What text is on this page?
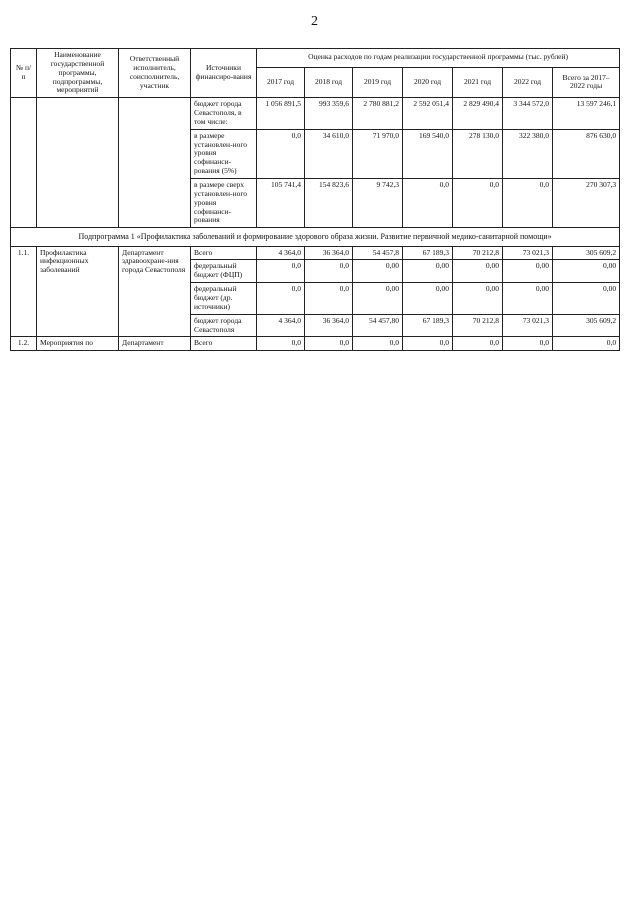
2
№ п/п	Наименование государственной программы, подпрограммы, мероприятий	Ответственный исполнитель, соисполнитель, участник	Источники финансиро-вания	Оценка расходов по годам реализации государственной программы (тыс. рублей)						
				2017 год	2018 год	2019 год	2020 год	2021 год	2022 год	Всего за 2017–2022 годы
			бюджет города Севастополя, в том числе:	1 056 891,5	993 359,6	2 780 881,2	2 592 051,4	2 829 490,4	3 344 572,0	13 597 246,1
			в размере установлен-ного уровня софинанси-рования (5%)	0,0	34 610,0	71 970,0	169 540,0	278 130,0	322 380,0	876 630,0
			в размере сверх установлен-ного уровня софинанси-рования	105 741,4	154 823,6	9 742,3	0,0	0,0	0,0	270 307,3
Подпрограмма 1 «Профилактика заболеваний и формирование здорового образа жизни. Развитие первичной медико-санитарной помощи»										
1.1.	Профилактика инфекционных заболеваний	Департамент здравоохране-ния города Севастополя	Всего	4 364,0	36 364,0	54 457,8	67 189,3	70 212,8	73 021,3	305 609,2
			федеральный бюджет (ФЦП)	0,0	0,0	0,00	0,00	0,00	0,00	0,00
			федеральный бюджет (др. источники)	0,0	0,0	0,00	0,00	0,00	0,00	0,00
			бюджет города Севастополя	4 364,0	36 364,0	54 457,80	67 189,3	70 212,8	73 021,3	305 609,2
1.2.	Мероприятия по	Департамент	Всего	0,0	0,0	0,0	0,0	0,0	0,0	0,0
